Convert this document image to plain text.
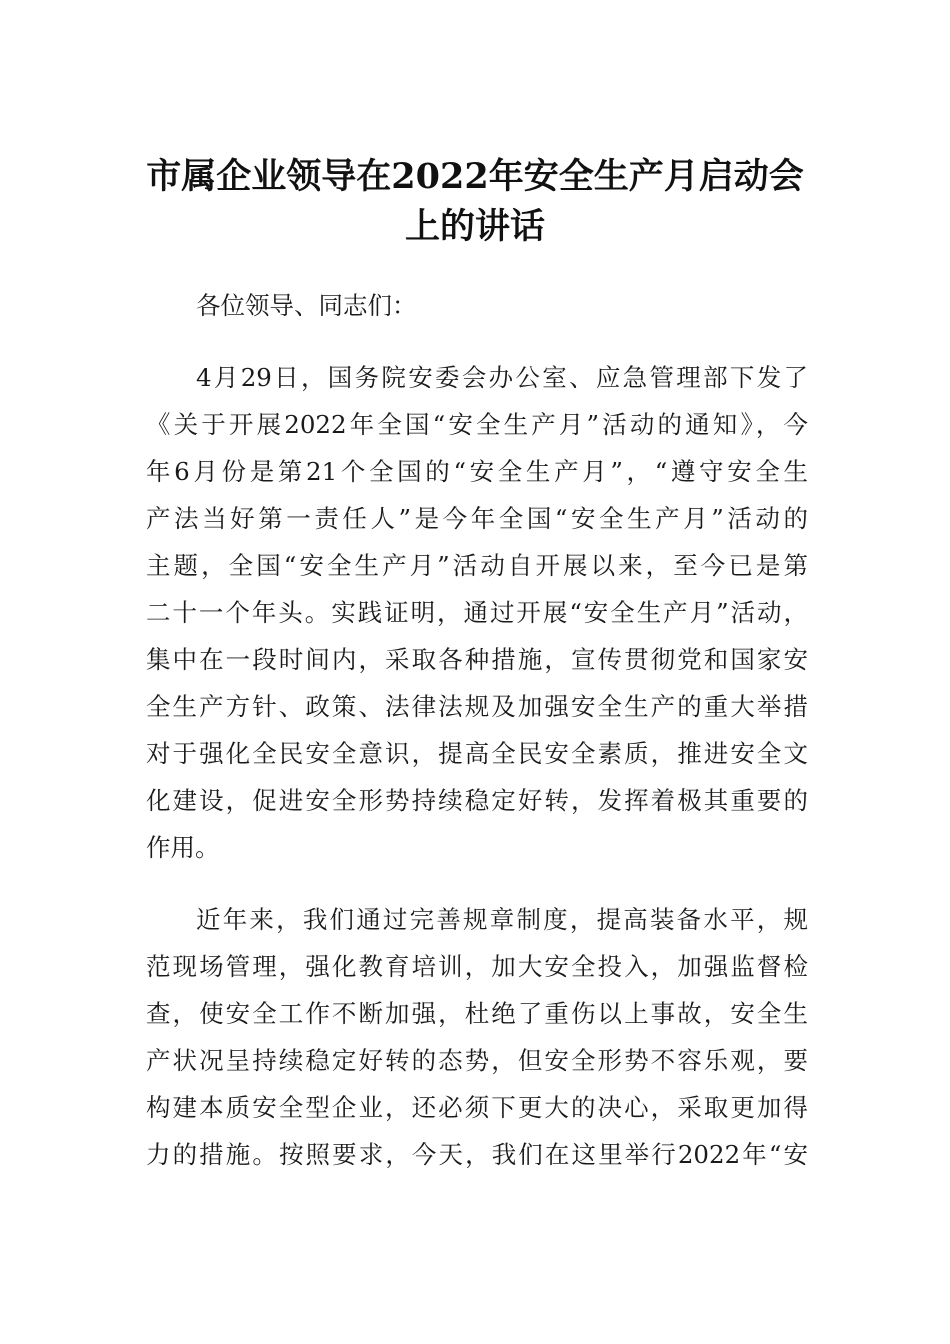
市属企业领导在2022年安全生产月启动会
上的讲话
各位领导、同志们：
4月29日，国务院安委会办公室、应急管理部下发了
《关于开展2022年全国“安全生产月”活动的通知》，今
年6月份是第21个全国的“安全生产月”，“遵守安全生
产法当好第一责任人”是今年全国“安全生产月”活动的
主题，全国“安全生产月”活动自开展以来，至今已是第
二十一个年头。实践证明，通过开展“安全生产月”活动，
集中在一段时间内，采取各种措施，宣传贯彻党和国家安
全生产方针、政策、法律法规及加强安全生产的重大举措
对于强化全民安全意识，提高全民安全素质，推进安全文
化建设，促进安全形势持续稳定好转，发挥着极其重要的
作用。
近年来，我们通过完善规章制度，提高装备水平，规
范现场管理，强化教育培训，加大安全投入，加强监督检
查，使安全工作不断加强，杜绝了重伤以上事故，安全生
产状况呈持续稳定好转的态势，但安全形势不容乐观，要
构建本质安全型企业，还必须下更大的决心，采取更加得
力的措施。按照要求，今天，我们在这里举行2022年“安
